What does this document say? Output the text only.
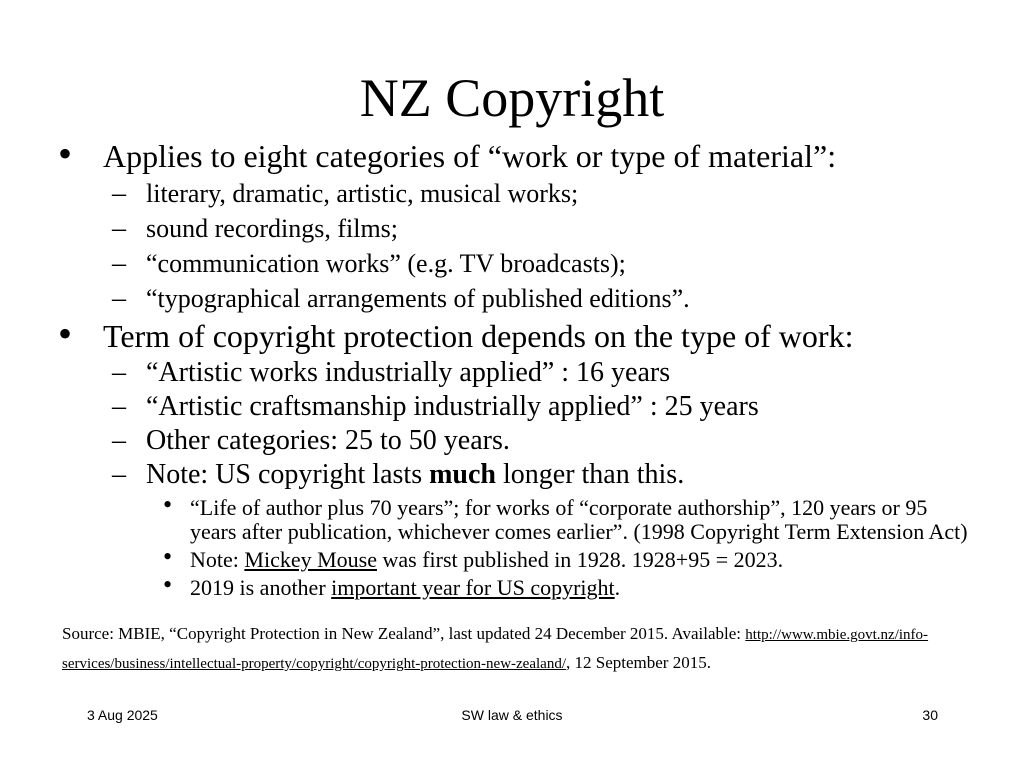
NZ Copyright
• Applies to eight categories of “work or type of material”:
– literary, dramatic, artistic, musical works;
– sound recordings, films;
– “communication works” (e.g. TV broadcasts);
– “typographical arrangements of published editions”.
• Term of copyright protection depends on the type of work:
– “Artistic works industrially applied” : 16 years
– “Artistic craftsmanship industrially applied” : 25 years
– Other categories: 25 to 50 years.
– Note: US copyright lasts much longer than this.
• “Life of author plus 70 years”; for works of “corporate authorship”, 120 years or 95 years after publication, whichever comes earlier”. (1998 Copyright Term Extension Act)
• Note: Mickey Mouse was first published in 1928. 1928+95 = 2023.
• 2019 is another important year for US copyright.
Source: MBIE, “Copyright Protection in New Zealand”, last updated 24 December 2015. Available: http://www.mbie.govt.nz/info-services/business/intellectual-property/copyright/copyright-protection-new-zealand/, 12 September 2015.
3 Aug 2025	SW law & ethics	30
